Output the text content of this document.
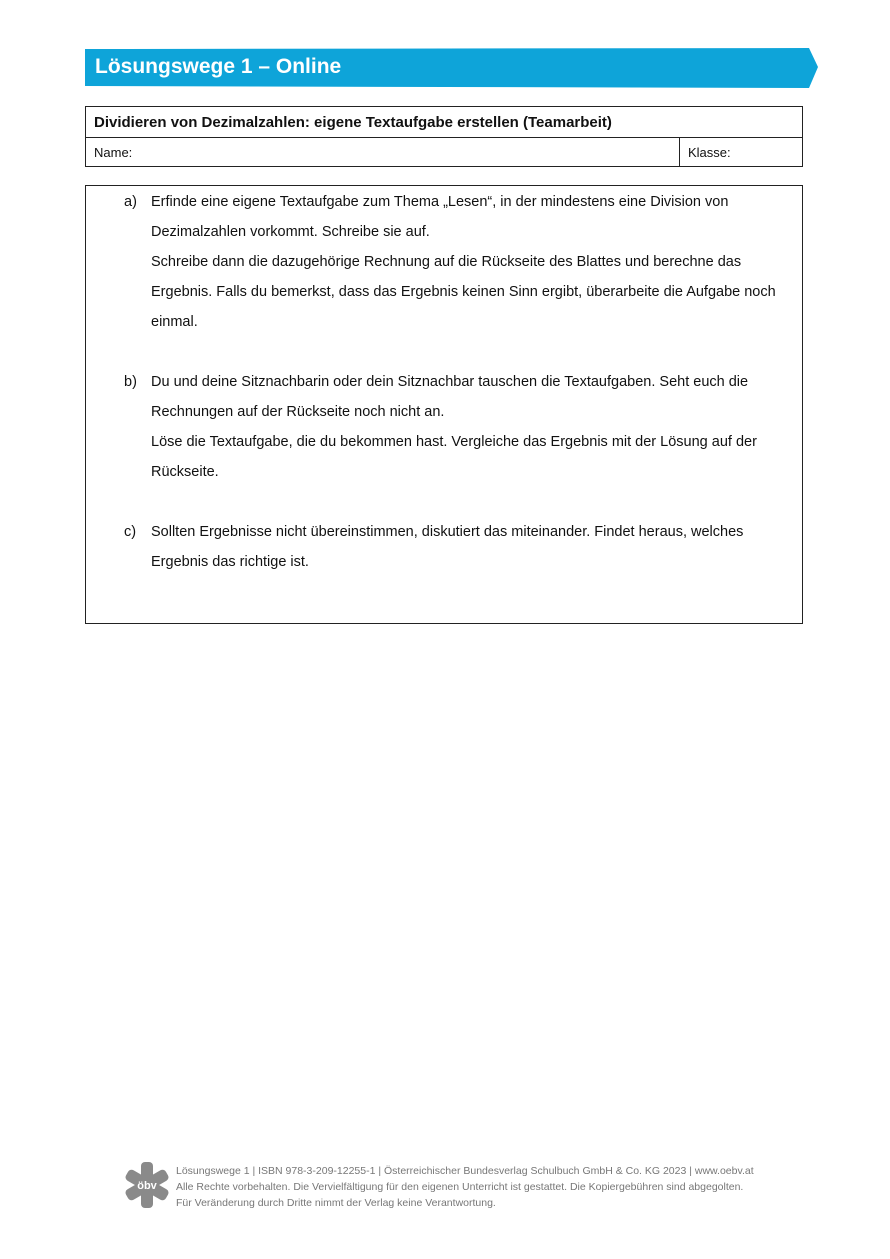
Lösungswege 1 – Online
Dividieren von Dezimalzahlen: eigene Textaufgabe erstellen (Teamarbeit)
Name:	Klasse:
a) Erfinde eine eigene Textaufgabe zum Thema „Lesen“, in der mindestens eine Division von
Dezimalzahlen vorkommt. Schreibe sie auf.
Schreibe dann die dazugehörige Rechnung auf die Rückseite des Blattes und berechne das
Ergebnis. Falls du bemerkst, dass das Ergebnis keinen Sinn ergibt, überarbeite die Aufgabe noch
einmal.
b) Du und deine Sitznachbarin oder dein Sitznachbar tauschen die Textaufgaben. Seht euch die
Rechnungen auf der Rückseite noch nicht an.
Löse die Textaufgabe, die du bekommen hast. Vergleiche das Ergebnis mit der Lösung auf der
Rückseite.
c) Sollten Ergebnisse nicht übereinstimmen, diskutiert das miteinander. Findet heraus, welches
Ergebnis das richtige ist.
öbv
Lösungswege 1 | ISBN 978-3-209-12255-1 | Österreichischer Bundesverlag Schulbuch GmbH & Co. KG 2023 | www.oebv.at
Alle Rechte vorbehalten. Die Vervielfältigung für den eigenen Unterricht ist gestattet. Die Kopiergebühren sind abgegolten.
Für Veränderung durch Dritte nimmt der Verlag keine Verantwortung.
